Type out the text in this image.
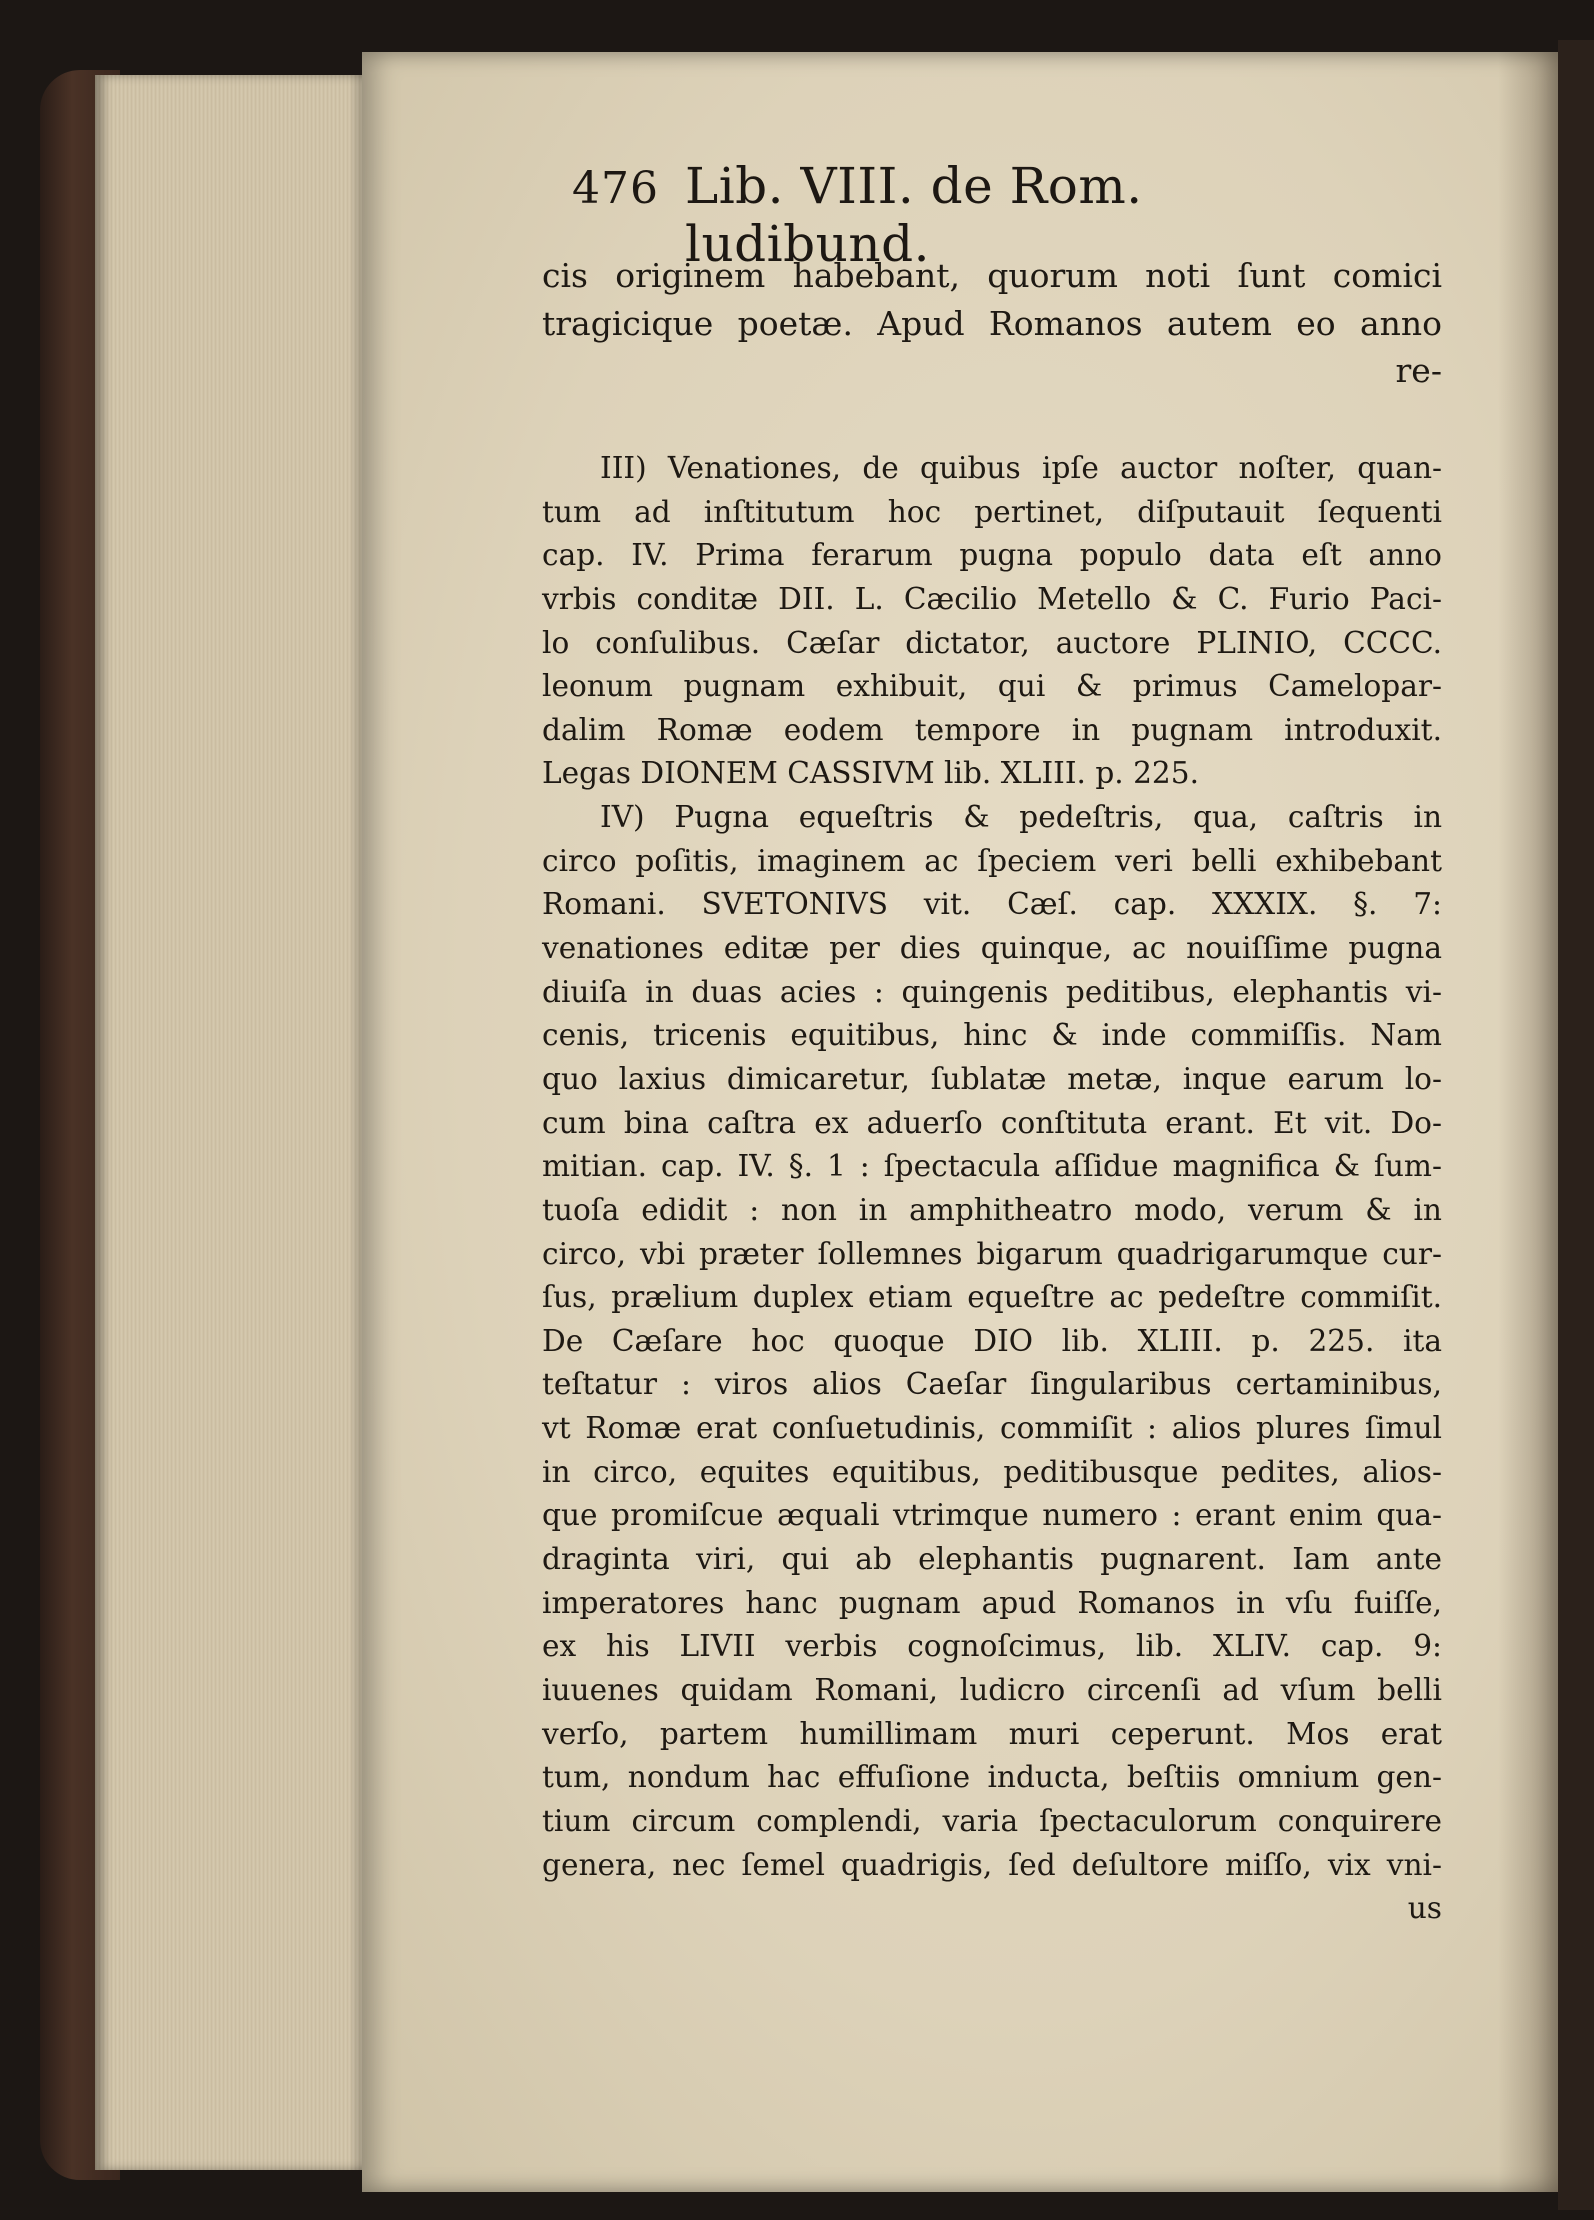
476 Lib. VIII. de Rom. ludibund.
cis originem habebant, quorum noti ſunt comici
tragicique poetæ. Apud Romanos autem eo anno
re-
III) Venationes, de quibus ipſe auctor noſter, quan-
tum ad inſtitutum hoc pertinet, diſputauit ſequenti
cap. IV. Prima ferarum pugna populo data eſt anno
vrbis conditæ DII. L. Cæcilio Metello & C. Furio Paci-
lo conſulibus. Cæſar dictator, auctore PLINIO, CCCC.
leonum pugnam exhibuit, qui & primus Camelopar-
dalim Romæ eodem tempore in pugnam introduxit.
Legas DIONEM CASSIVM lib. XLIII. p. 225.
IV) Pugna equeſtris & pedeſtris, qua, caſtris in
circo poſitis, imaginem ac ſpeciem veri belli exhibebant
Romani. SVETONIVS vit. Cæſ. cap. XXXIX. §. 7:
venationes editæ per dies quinque, ac nouiſſime pugna
diuiſa in duas acies : quingenis peditibus, elephantis vi-
cenis, tricenis equitibus, hinc & inde commiſſis. Nam
quo laxius dimicaretur, ſublatæ metæ, inque earum lo-
cum bina caſtra ex aduerſo conſtituta erant. Et vit. Do-
mitian. cap. IV. §. 1 : ſpectacula aſſidue magnifica & ſum-
tuoſa edidit : non in amphitheatro modo, verum & in
circo, vbi præter ſollemnes bigarum quadrigarumque cur-
ſus, prælium duplex etiam equeſtre ac pedeſtre commiſit.
De Cæſare hoc quoque DIO lib. XLIII. p. 225. ita
teſtatur : viros alios Caeſar ſingularibus certaminibus,
vt Romæ erat conſuetudinis, commiſit : alios plures ſimul
in circo, equites equitibus, peditibusque pedites, alios-
que promiſcue æquali vtrimque numero : erant enim qua-
draginta viri, qui ab elephantis pugnarent. Iam ante
imperatores hanc pugnam apud Romanos in vſu fuiſſe,
ex his LIVII verbis cognoſcimus, lib. XLIV. cap. 9:
iuuenes quidam Romani, ludicro circenſi ad vſum belli
verſo, partem humillimam muri ceperunt. Mos erat
tum, nondum hac effuſione inducta, beſtiis omnium gen-
tium circum complendi, varia ſpectaculorum conquirere
genera, nec ſemel quadrigis, ſed deſultore miſſo, vix vni-
us
